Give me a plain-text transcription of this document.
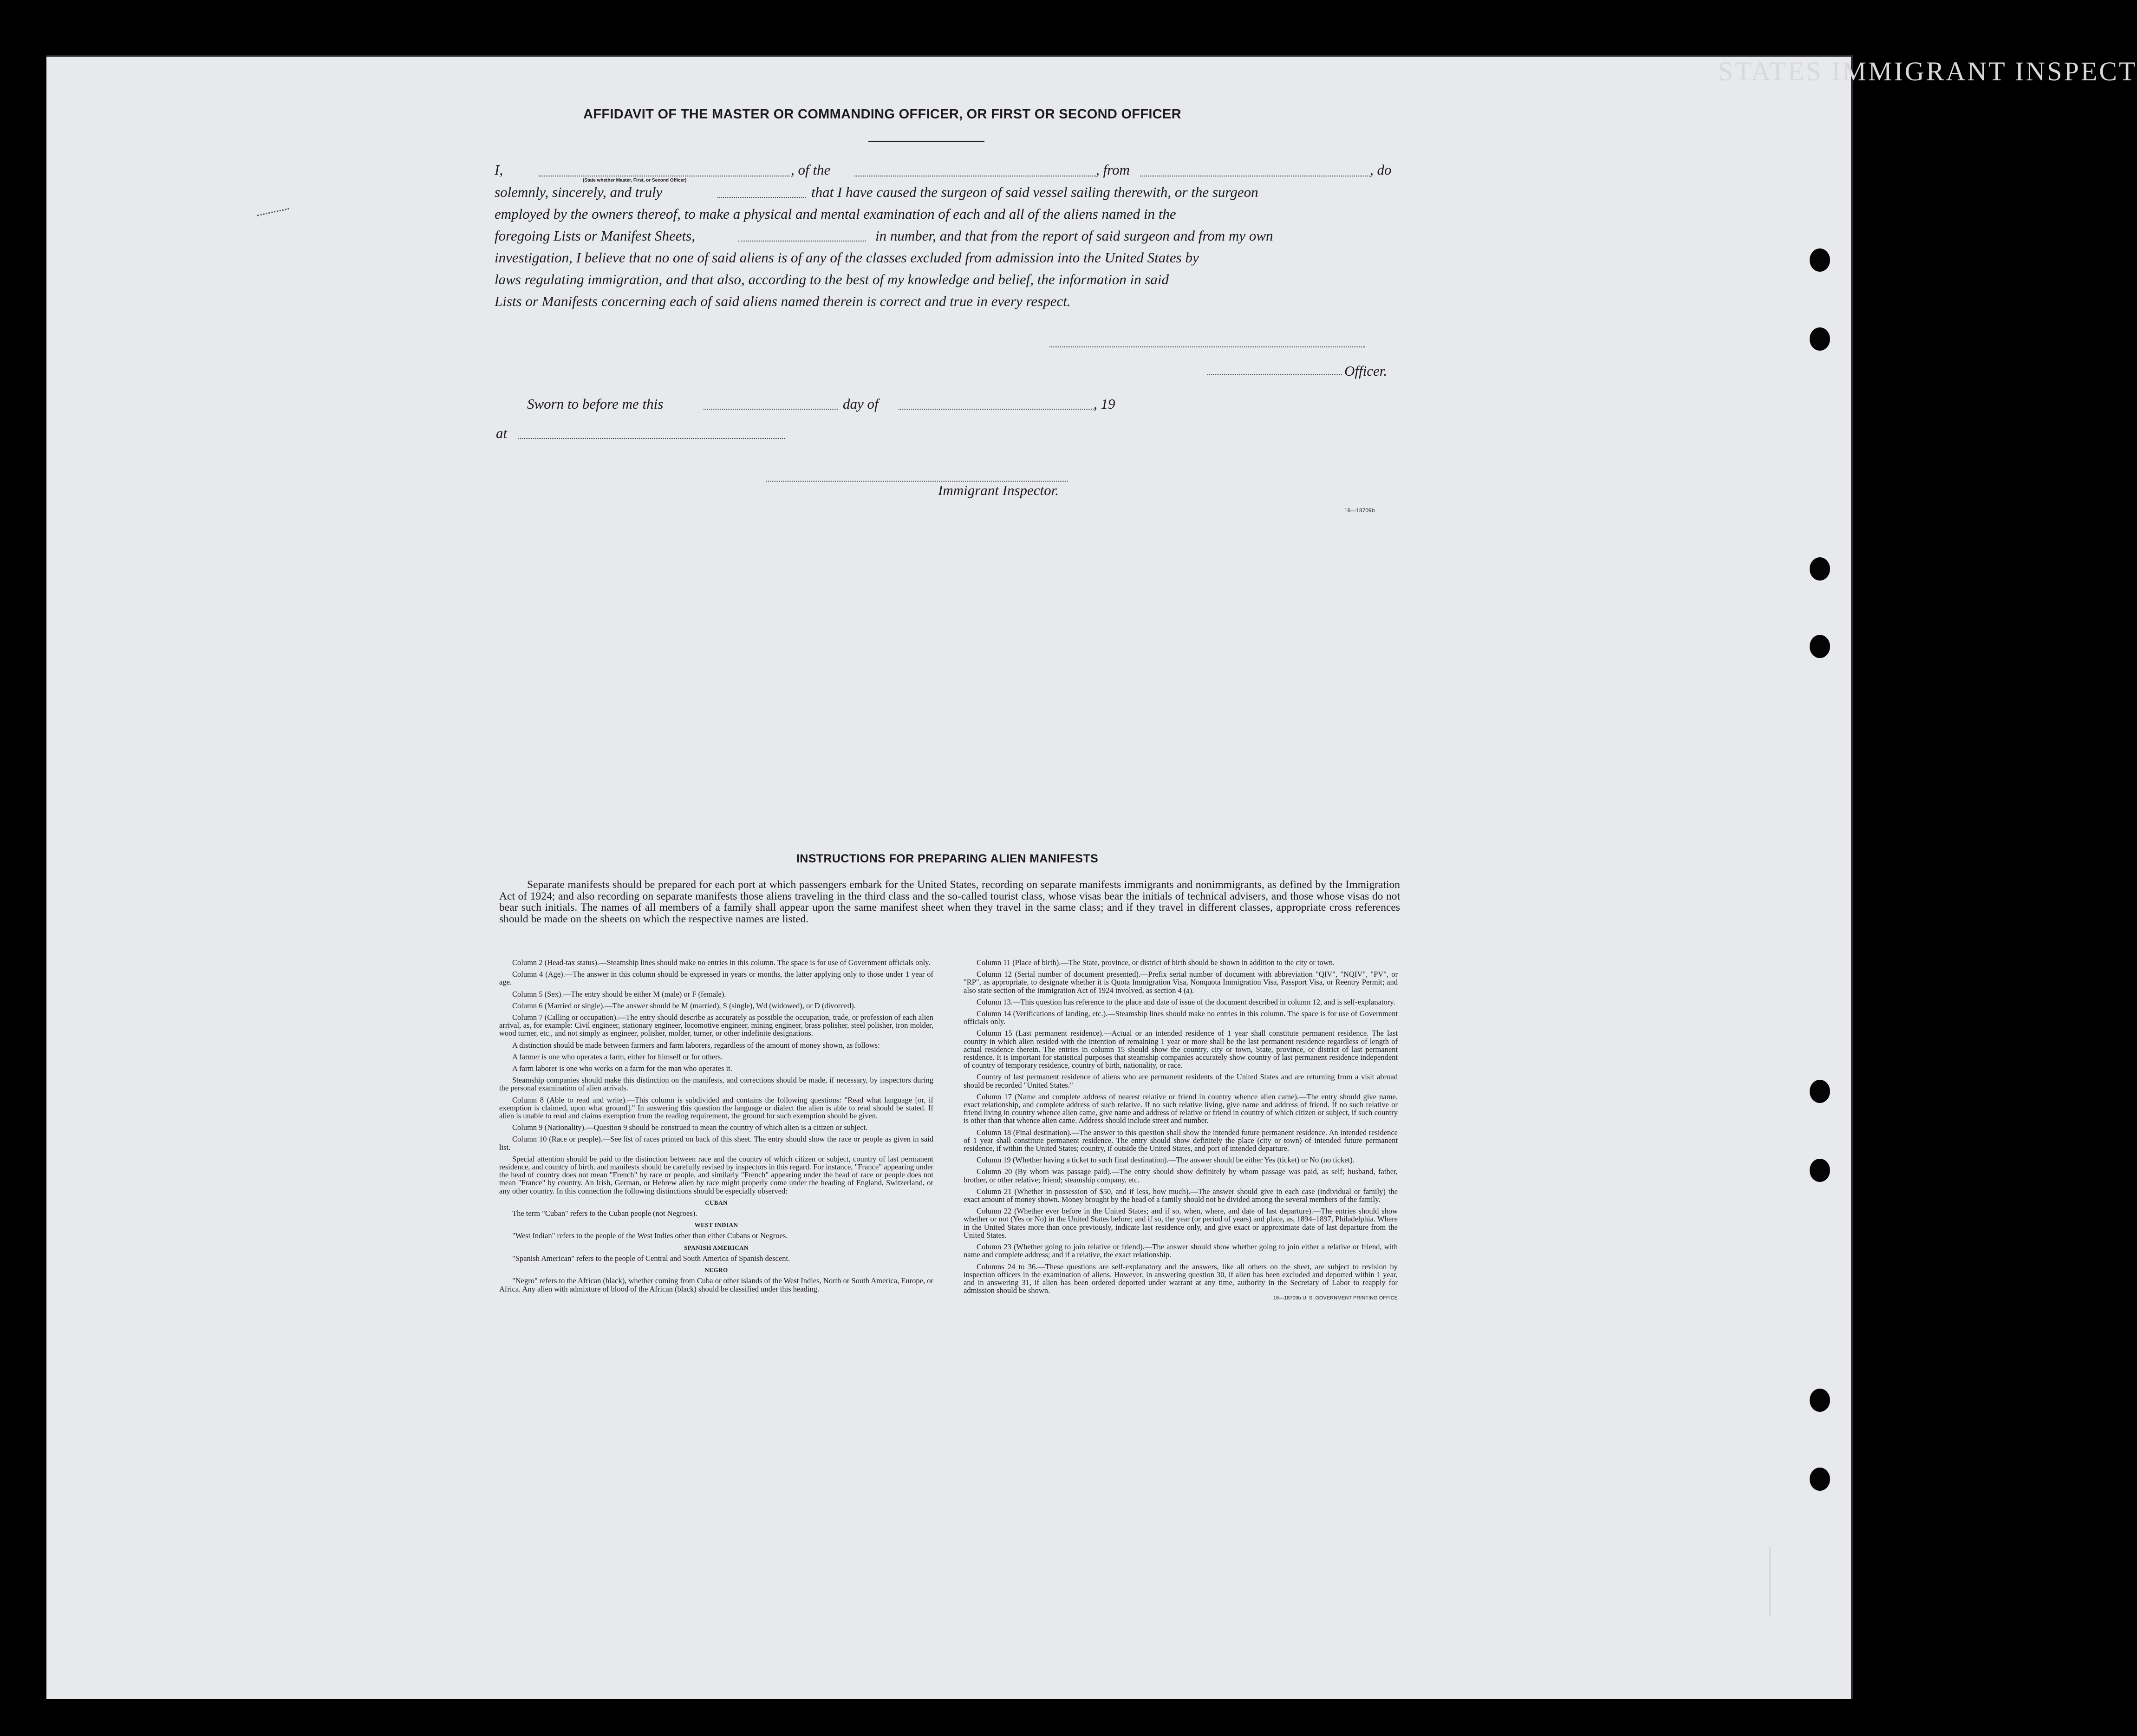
STATES IMMIGRANT INSPECT
AFFIDAVIT OF THE MASTER OR COMMANDING OFFICER, OR FIRST OR SECOND OFFICER
I,
(State whether Master, First, or Second Officer)
, of the	, from	, do
solemnly, sincerely, and truly	that I have caused the surgeon of said vessel sailing therewith, or the surgeon
employed by the owners thereof, to make a physical and mental examination of each and all of the aliens named in the
foregoing Lists or Manifest Sheets,	in number, and that from the report of said surgeon and from my own
investigation, I believe that no one of said aliens is of any of the classes excluded from admission into the United States by
laws regulating immigration, and that also, according to the best of my knowledge and belief, the information in said
Lists or Manifests concerning each of said aliens named therein is correct and true in every respect.
Officer.
Sworn to before me this	day of	, 19
at
Immigrant Inspector.
16—18709b
INSTRUCTIONS FOR PREPARING ALIEN MANIFESTS
Separate manifests should be prepared for each port at which passengers embark for the United States, recording on separate manifests immigrants and nonimmigrants, as defined by the Immigration Act of 1924; and also recording on separate manifests those aliens traveling in the third class and the so-called tourist class, whose visas bear the initials of technical advisers, and those whose visas do not bear such initials. The names of all members of a family shall appear upon the same manifest sheet when they travel in the same class; and if they travel in different classes, appropriate cross references should be made on the sheets on which the respective names are listed.

Column 2 (Head-tax status).—Steamship lines should make no entries in this column. The space is for use of Government officials only.

Column 4 (Age).—The answer in this column should be expressed in years or months, the latter applying only to those under 1 year of age.

Column 5 (Sex).—The entry should be either M (male) or F (female).

Column 6 (Married or single).—The answer should be M (married), S (single), Wd (widowed), or D (divorced).

Column 7 (Calling or occupation).—The entry should describe as accurately as possible the occupation, trade, or profession of each alien arrival, as, for example: Civil engineer, stationary engineer, locomotive engineer, mining engineer, brass polisher, steel polisher, iron molder, wood turner, etc., and not simply as engineer, polisher, molder, turner, or other indefinite designations.

A distinction should be made between farmers and farm laborers, regardless of the amount of money shown, as follows:

A farmer is one who operates a farm, either for himself or for others.

A farm laborer is one who works on a farm for the man who operates it.

Steamship companies should make this distinction on the manifests, and corrections should be made, if necessary, by inspectors during the personal examination of alien arrivals.

Column 8 (Able to read and write).—This column is subdivided and contains the following questions: "Read what language [or, if exemption is claimed, upon what ground]." In answering this question the language or dialect the alien is able to read should be stated. If alien is unable to read and claims exemption from the reading requirement, the ground for such exemption should be given.

Column 9 (Nationality).—Question 9 should be construed to mean the country of which alien is a citizen or subject.

Column 10 (Race or people).—See list of races printed on back of this sheet. The entry should show the race or people as given in said list.

Special attention should be paid to the distinction between race and the country of which citizen or subject, country of last permanent residence, and country of birth, and manifests should be carefully revised by inspectors in this regard. For instance, "France" appearing under the head of country does not mean "French" by race or people, and similarly "French" appearing under the head of race or people does not mean "France" by country. An Irish, German, or Hebrew alien by race might properly come under the heading of England, Switzerland, or any other country. In this connection the following distinctions should be especially observed:

CUBAN

The term "Cuban" refers to the Cuban people (not Negroes).

WEST INDIAN

"West Indian" refers to the people of the West Indies other than either Cubans or Negroes.

SPANISH AMERICAN

"Spanish American" refers to the people of Central and South America of Spanish descent.

NEGRO

"Negro" refers to the African (black), whether coming from Cuba or other islands of the West Indies, North or South America, Europe, or Africa. Any alien with admixture of blood of the African (black) should be classified under this heading.

Column 11 (Place of birth).—The State, province, or district of birth should be shown in addition to the city or town.

Column 12 (Serial number of document presented).—Prefix serial number of document with abbreviation "QIV", "NQIV", "PV", or "RP", as appropriate, to designate whether it is Quota Immigration Visa, Nonquota Immigration Visa, Passport Visa, or Reentry Permit; and also state section of the Immigration Act of 1924 involved, as section 4 (a).

Column 13.—This question has reference to the place and date of issue of the document described in column 12, and is self-explanatory.

Column 14 (Verifications of landing, etc.).—Steamship lines should make no entries in this column. The space is for use of Government officials only.

Column 15 (Last permanent residence).—Actual or an intended residence of 1 year shall constitute permanent residence. The last country in which alien resided with the intention of remaining 1 year or more shall be the last permanent residence regardless of length of actual residence therein. The entries in column 15 should show the country, city or town, State, province, or district of last permanent residence. It is important for statistical purposes that steamship companies accurately show country of last permanent residence independent of country of temporary residence, country of birth, nationality, or race.

Country of last permanent residence of aliens who are permanent residents of the United States and are returning from a visit abroad should be recorded "United States."

Column 17 (Name and complete address of nearest relative or friend in country whence alien came).—The entry should give name, exact relationship, and complete address of such relative. If no such relative living, give name and address of friend. If no such relative or friend living in country whence alien came, give name and address of relative or friend in country of which citizen or subject, if such country is other than that whence alien came. Address should include street and number.

Column 18 (Final destination).—The answer to this question shall show the intended future permanent residence. An intended residence of 1 year shall constitute permanent residence. The entry should show definitely the place (city or town) of intended future permanent residence, if within the United States; country, if outside the United States, and port of intended departure.

Column 19 (Whether having a ticket to such final destination).—The answer should be either Yes (ticket) or No (no ticket).

Column 20 (By whom was passage paid).—The entry should show definitely by whom passage was paid, as self; husband, father, brother, or other relative; friend; steamship company, etc.

Column 21 (Whether in possession of $50, and if less, how much).—The answer should give in each case (individual or family) the exact amount of money shown. Money brought by the head of a family should not be divided among the several members of the family.

Column 22 (Whether ever before in the United States; and if so, when, where, and date of last departure).—The entries should show whether or not (Yes or No) in the United States before; and if so, the year (or period of years) and place, as, 1894–1897, Philadelphia. Where in the United States more than once previously, indicate last residence only, and give exact or approximate date of last departure from the United States.

Column 23 (Whether going to join relative or friend).—The answer should show whether going to join either a relative or friend, with name and complete address; and if a relative, the exact relationship.

Columns 24 to 36.—These questions are self-explanatory and the answers, like all others on the sheet, are subject to revision by inspection officers in the examination of aliens. However, in answering question 30, if alien has been excluded and deported within 1 year, and in answering 31, if alien has been ordered deported under warrant at any time, authority in the Secretary of Labor to reapply for admission should be shown.

16—18709b U. S. GOVERNMENT PRINTING OFFICE
